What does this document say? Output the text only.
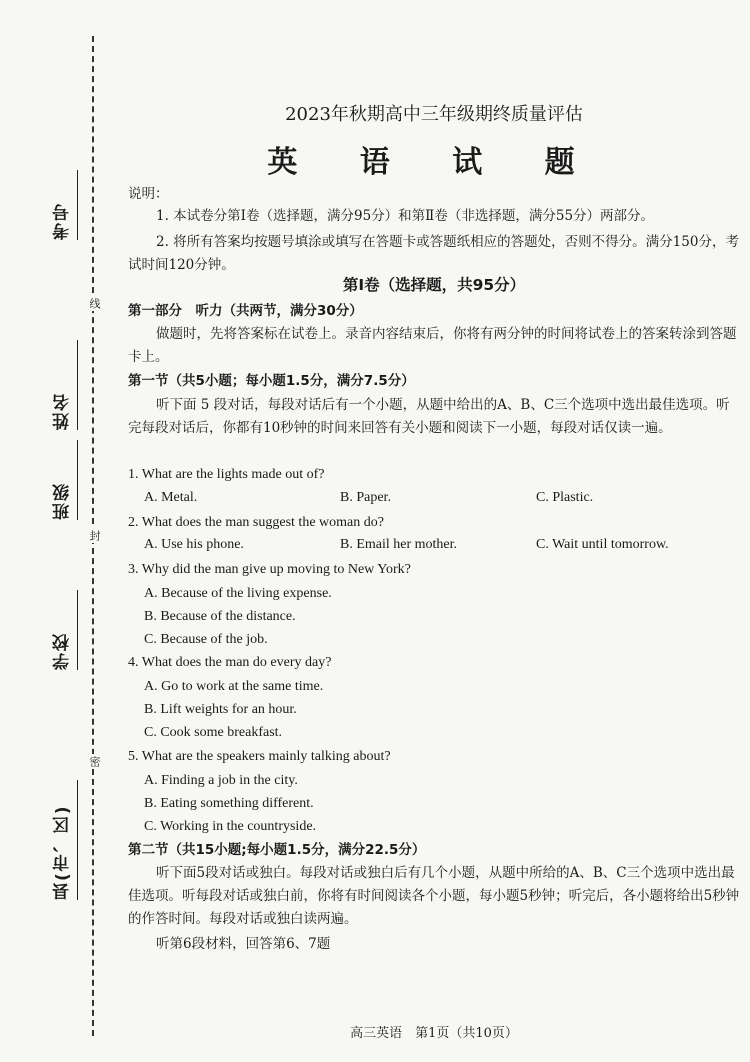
考号
姓名
班级
学校
县(市、区)
线
封
密
2023年秋期高中三年级期终质量评估
英 语 试 题
说明：
1. 本试卷分第Ⅰ卷（选择题，满分95分）和第Ⅱ卷（非选择题，满分55分）两部分。
2. 将所有答案均按题号填涂或填写在答题卡或答题纸相应的答题处，否则不得分。满分150分，考试时间120分钟。
第Ⅰ卷（选择题，共95分）
第一部分　听力（共两节，满分30分）
做题时，先将答案标在试卷上。录音内容结束后，你将有两分钟的时间将试卷上的答案转涂到答题卡上。
第一节（共5小题；每小题1.5分，满分7.5分）
听下面 5 段对话，每段对话后有一个小题，从题中给出的A、B、C三个选项中选出最佳选项。听完每段对话后，你都有10秒钟的时间来回答有关小题和阅读下一小题，每段对话仅读一遍。
1. What are the lights made out of?
A. Metal.	B. Paper.	C. Plastic.
2. What does the man suggest the woman do?
A. Use his phone.	B. Email her mother.	C. Wait until tomorrow.
3. Why did the man give up moving to New York?
A. Because of the living expense.
B. Because of the distance.
C. Because of the job.
4. What does the man do every day?
A. Go to work at the same time.
B. Lift weights for an hour.
C. Cook some breakfast.
5. What are the speakers mainly talking about?
A. Finding a job in the city.
B. Eating something different.
C. Working in the countryside.
第二节（共15小题;每小题1.5分，满分22.5分）
听下面5段对话或独白。每段对话或独白后有几个小题，从题中所给的A、B、C三个选项中选出最佳选项。听每段对话或独白前，你将有时间阅读各个小题，每小题5秒钟；听完后，各小题将给出5秒钟的作答时间。每段对话或独白读两遍。
听第6段材料，回答第6、7题
高三英语　第1页（共10页）
